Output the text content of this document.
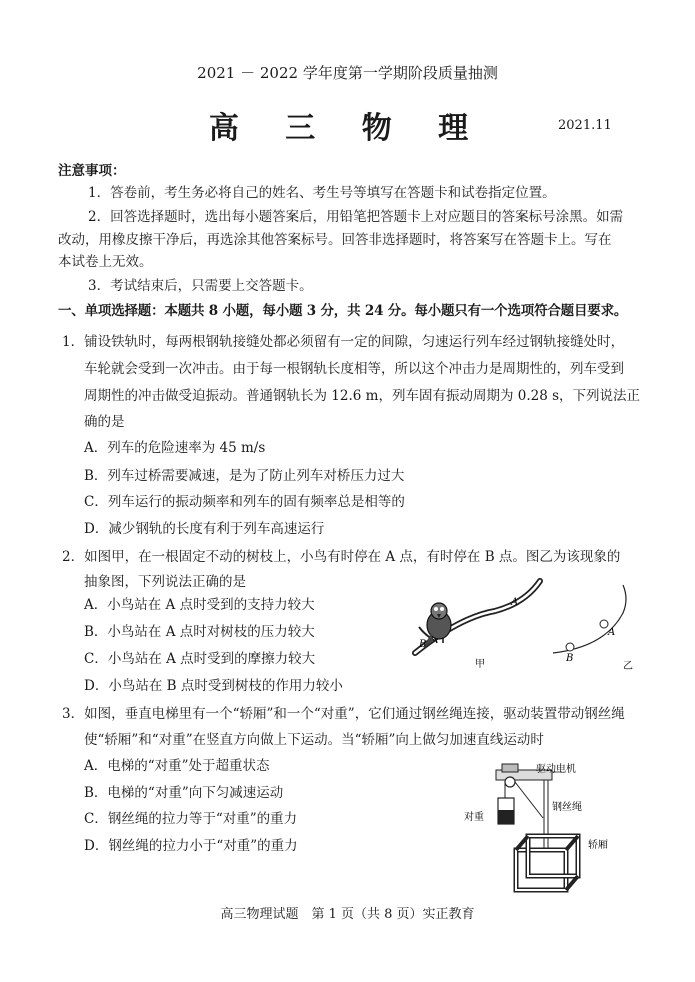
2021 － 2022 学年度第一学期阶段质量抽测
高 三 物 理	2021.11
注意事项：
1．答卷前，考生务必将自己的姓名、考生号等填写在答题卡和试卷指定位置。
2．回答选择题时，选出每小题答案后，用铅笔把答题卡上对应题目的答案标号涂黑。如需
改动，用橡皮擦干净后，再选涂其他答案标号。回答非选择题时，将答案写在答题卡上。写在
本试卷上无效。
3．考试结束后，只需要上交答题卡。
一、单项选择题：本题共 8 小题，每小题 3 分，共 24 分。每小题只有一个选项符合题目要求。
1．铺设铁轨时，每两根钢轨接缝处都必须留有一定的间隙，匀速运行列车经过钢轨接缝处时，
车轮就会受到一次冲击。由于每一根钢轨长度相等，所以这个冲击力是周期性的，列车受到
周期性的冲击做受迫振动。普通钢轨长为 12.6 m，列车固有振动周期为 0.28 s，下列说法正
确的是
A．列车的危险速率为 45 m/s
B．列车过桥需要减速，是为了防止列车对桥压力过大
C．列车运行的振动频率和列车的固有频率总是相等的
D．减少钢轨的长度有利于列车高速运行
2．如图甲，在一根固定不动的树枝上，小鸟有时停在 A 点，有时停在 B 点。图乙为该现象的
抽象图，下列说法正确的是
A．小鸟站在 A 点时受到的支持力较大
B．小鸟站在 A 点时对树枝的压力较大
C．小鸟站在 A 点时受到的摩擦力较大
D．小鸟站在 B 点时受到树枝的作用力较小
A
B
甲
A
B
乙
3．如图，垂直电梯里有一个“轿厢”和一个“对重”，它们通过钢丝绳连接，驱动装置带动钢丝绳
使“轿厢”和“对重”在竖直方向做上下运动。当“轿厢”向上做匀加速直线运动时
A．电梯的“对重”处于超重状态
B．电梯的“对重”向下匀减速运动
C．钢丝绳的拉力等于“对重”的重力
D．钢丝绳的拉力小于“对重”的重力
驱动电机
钢丝绳
对重
轿厢
高三物理试题　第 1 页（共 8 页）实正教育
